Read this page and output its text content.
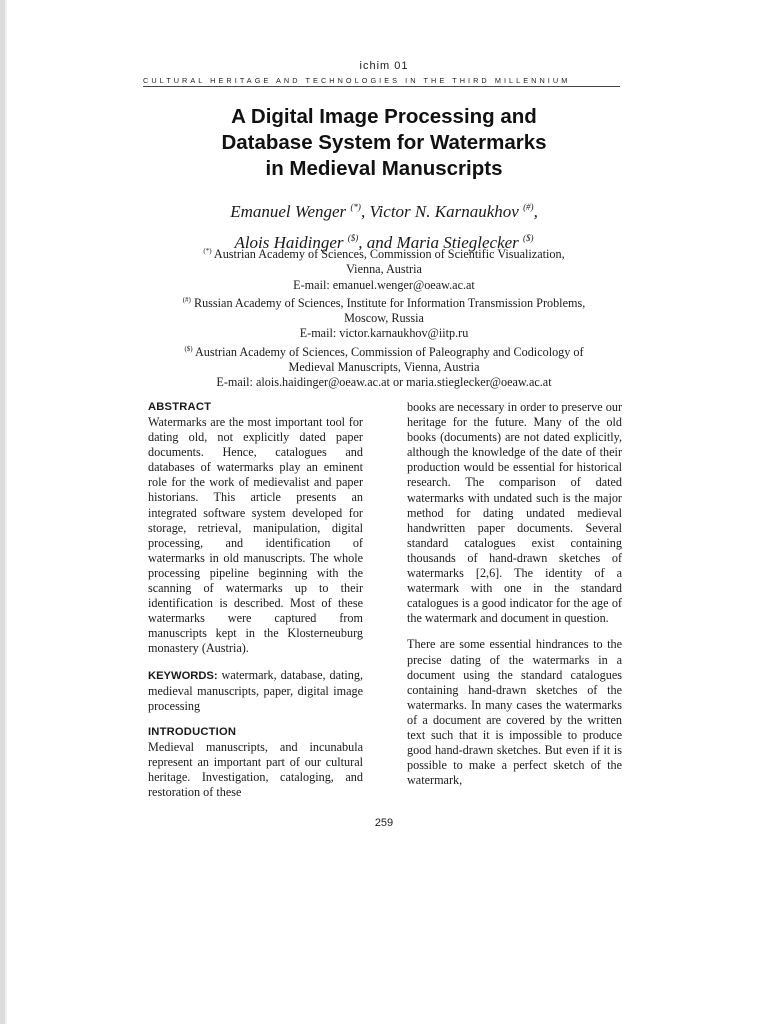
ichim 01
CULTURAL HERITAGE AND TECHNOLOGIES IN THE THIRD MILLENNIUM
A Digital Image Processing and
Database System for Watermarks
in Medieval Manuscripts
Emanuel Wenger (*), Victor N. Karnaukhov (#),
Alois Haidinger ($), and Maria Stieglecker ($)
(*) Austrian Academy of Sciences, Commission of Scientific Visualization,
Vienna, Austria
E-mail: emanuel.wenger@oeaw.ac.at
(#) Russian Academy of Sciences, Institute for Information Transmission Problems,
Moscow, Russia
E-mail: victor.karnaukhov@iitp.ru
($) Austrian Academy of Sciences, Commission of Paleography and Codicology of
Medieval Manuscripts, Vienna, Austria
E-mail: alois.haidinger@oeaw.ac.at or maria.stieglecker@oeaw.ac.at
ABSTRACT

Watermarks are the most important tool for dating old, not explicitly dated paper documents. Hence, catalogues and databases of watermarks play an eminent role for the work of medievalist and paper historians. This article presents an integrated software system developed for storage, retrieval, manipulation, digital processing, and identification of watermarks in old manuscripts. The whole processing pipeline beginning with the scanning of watermarks up to their identification is described. Most of these watermarks were captured from manuscripts kept in the Klosterneuburg monastery (Austria).

KEYWORDS: watermark, database, dating, medieval manuscripts, paper, digital image processing

INTRODUCTION

Medieval manuscripts, and incunabula represent an important part of our cultural heritage. Investigation, cataloging, and restoration of these

books are necessary in order to preserve our heritage for the future. Many of the old books (documents) are not dated explicitly, although the knowledge of the date of their production would be essential for historical research. The comparison of dated watermarks with undated such is the major method for dating undated medieval handwritten paper documents. Several standard catalogues exist containing thousands of hand-drawn sketches of watermarks [2,6]. The identity of a watermark with one in the standard catalogues is a good indicator for the age of the watermark and document in question.

There are some essential hindrances to the precise dating of the watermarks in a document using the standard catalogues containing hand-drawn sketches of the watermarks. In many cases the watermarks of a document are covered by the written text such that it is impossible to produce good hand-drawn sketches. But even if it is possible to make a perfect sketch of the watermark,

259
